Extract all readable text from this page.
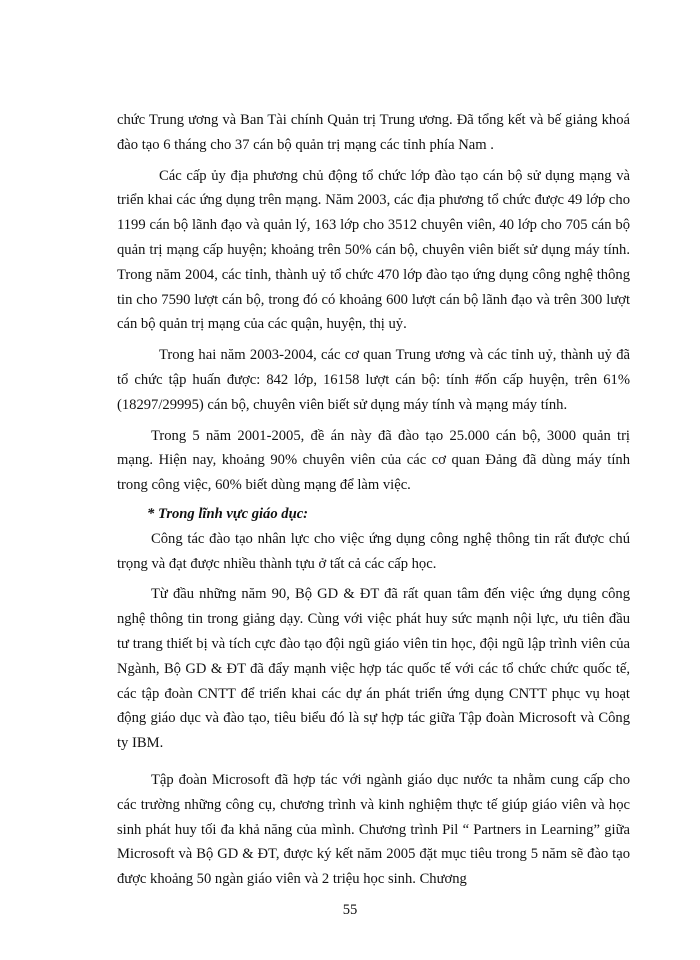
chức Trung ương và Ban Tài chính Quản trị Trung ương. Đã tổng kết và bế giảng khoá đào tạo 6 tháng cho 37 cán bộ quản trị mạng các tỉnh phía Nam .

Các cấp ủy địa phương chủ động tổ chức lớp đào tạo cán bộ sử dụng mạng và triển khai các ứng dụng trên mạng. Năm 2003, các địa phương tổ chức được 49 lớp cho 1199 cán bộ lãnh đạo và quản lý, 163 lớp cho 3512 chuyên viên, 40 lớp cho 705 cán bộ quản trị mạng cấp huyện; khoảng trên 50% cán bộ, chuyên viên biết sử dụng máy tính. Trong năm 2004, các tỉnh, thành uỷ tổ chức 470 lớp đào tạo ứng dụng công nghệ thông tin cho 7590 lượt cán bộ, trong đó có khoảng 600 lượt cán bộ lãnh đạo và trên 300 lượt cán bộ quản trị mạng của các quận, huyện, thị uỷ.

Trong hai năm 2003-2004, các cơ quan Trung ương và các tỉnh uỷ, thành uỷ đã tổ chức tập huấn được: 842 lớp, 16158 lượt cán bộ: tính #ốn cấp huyện, trên 61% (18297/29995) cán bộ, chuyên viên biết sử dụng máy tính và mạng máy tính.

Trong 5 năm 2001-2005, đề án này đã đào tạo 25.000 cán bộ, 3000 quản trị mạng. Hiện nay, khoảng 90% chuyên viên của các cơ quan Đảng đã dùng máy tính trong công việc, 60% biết dùng mạng để làm việc.

* Trong lĩnh vực giáo dục:

Công tác đào tạo nhân lực cho việc ứng dụng công nghệ thông tin rất được chú trọng và đạt được nhiều thành tựu ở tất cả các cấp học.

Từ đầu những năm 90, Bộ GD & ĐT đã rất quan tâm đến việc ứng dụng công nghệ thông tin trong giảng dạy. Cùng với việc phát huy sức mạnh nội lực, ưu tiên đầu tư trang thiết bị và tích cực đào tạo đội ngũ giáo viên tin học, đội ngũ lập trình viên của Ngành, Bộ GD & ĐT đã đẩy mạnh việc hợp tác quốc tế với các tổ chức chức quốc tế, các tập đoàn CNTT để triển khai các dự án phát triển ứng dụng CNTT phục vụ hoạt động giáo dục và đào tạo, tiêu biểu đó là sự hợp tác giữa Tập đoàn Microsoft và Công ty IBM.

Tập đoàn Microsoft đã hợp tác với ngành giáo dục nước ta nhằm cung cấp cho các trường những công cụ, chương trình và kinh nghiệm thực tế giúp giáo viên và học sinh phát huy tối đa khả năng của mình. Chương trình Pil “ Partners in Learning” giữa Microsoft và Bộ GD & ĐT, được ký kết năm 2005 đặt mục tiêu trong 5 năm sẽ đào tạo được khoảng 50 ngàn giáo viên và 2 triệu học sinh. Chương

55
